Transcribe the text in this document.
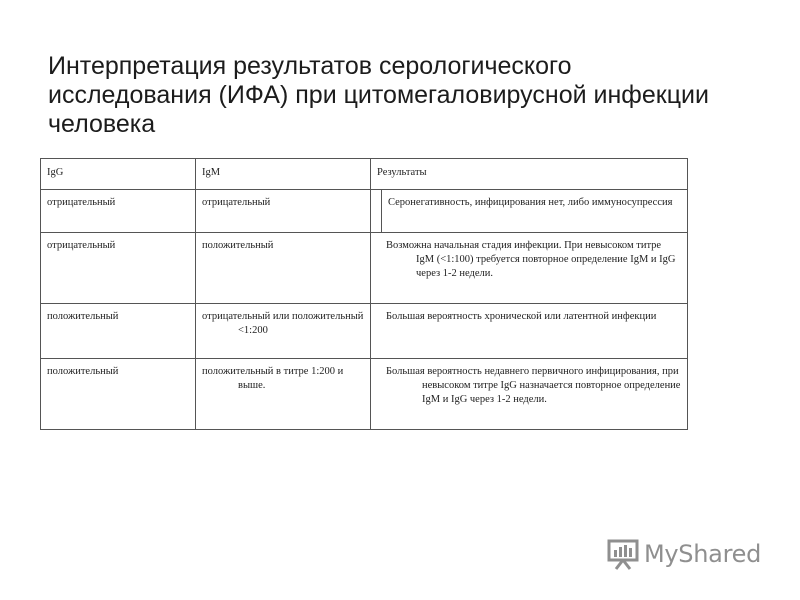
Интерпретация результатов серологического исследования (ИФА) при цитомегаловирусной инфекции человека
IgG	IgM	Результаты	
отрицательный	отрицательный		Серонегативность, инфицирования нет, либо иммуносупрессия

отрицательный	положительный	Возможна начальная стадия инфекции. При невысоком титре IgM (<1:100) требуется повторное определение IgM и IgG через 1-2 недели.	

положительный	отрицательный или положительный <1:200	Большая вероятность хронической или латентной инфекции	

положительный	положительный в титре 1:200 и выше.	Большая вероятность недавнего первичного инфицирования, при невысоком титре IgG назначается повторное определение IgM и IgG через 1-2 недели.	
MyShared
